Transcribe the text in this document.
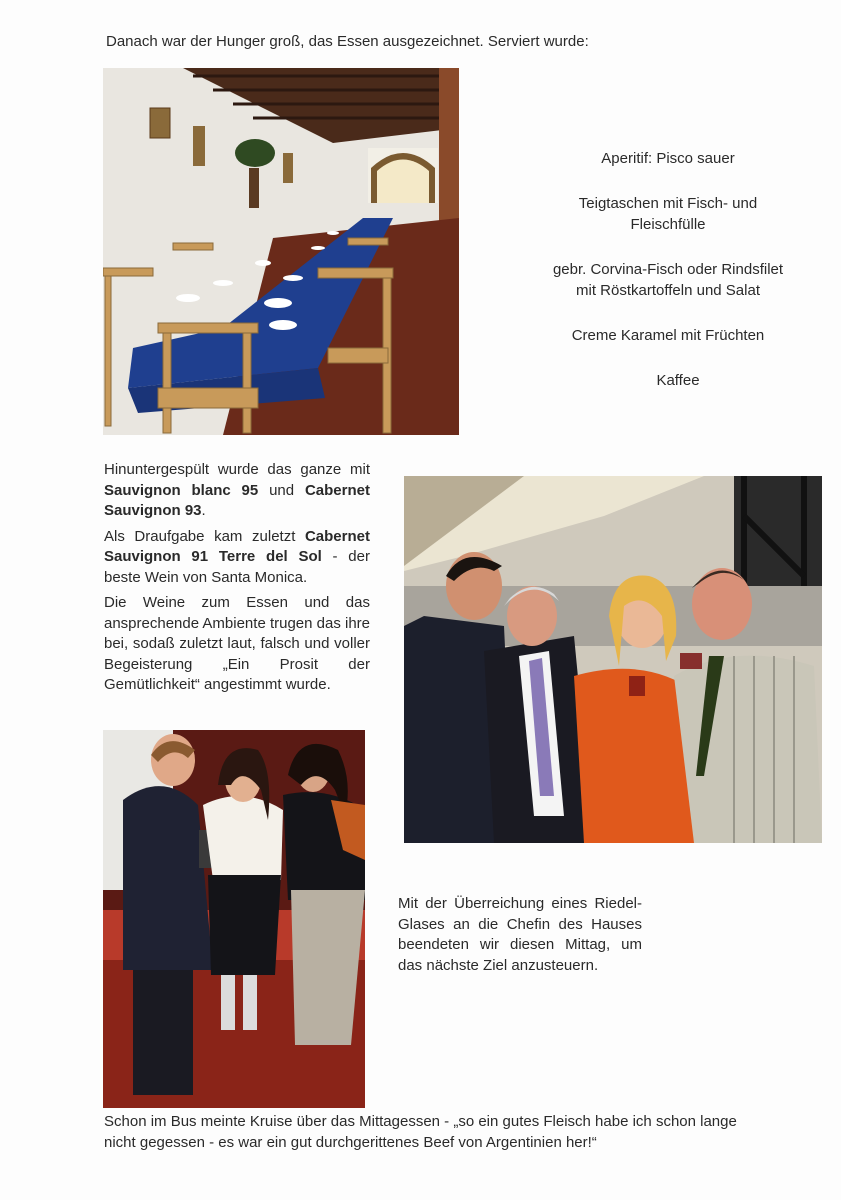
Danach war der Hunger groß, das Essen ausgezeichnet. Serviert wurde:

Aperitif: Pisco sauer

Teigtaschen mit Fisch- und Fleischfülle

gebr. Corvina-Fisch oder Rindsfilet mit Röstkartoffeln und Salat

Creme Karamel mit Früchten

Kaffee

Hinuntergespült wurde das ganze mit Sauvignon blanc 95 und Cabernet Sauvignon 93.

Als Draufgabe kam zuletzt Cabernet Sauvignon 91 Terre del Sol - der beste Wein von Santa Monica.

Die Weine zum Essen und das ansprechende Ambiente trugen das ihre bei, sodaß zuletzt laut, falsch und voller Begeisterung „Ein Prosit der Gemütlichkeit“ angestimmt wurde.

Mit der Überreichung eines Riedel-Glases an die Chefin des Hauses beendeten wir diesen Mittag, um das nächste Ziel anzusteuern.
Schon im Bus meinte Kruise über das Mittagessen - „so ein gutes Fleisch habe ich schon lange nicht gegessen - es war ein gut durchgerittenes Beef von Argentinien her!“
